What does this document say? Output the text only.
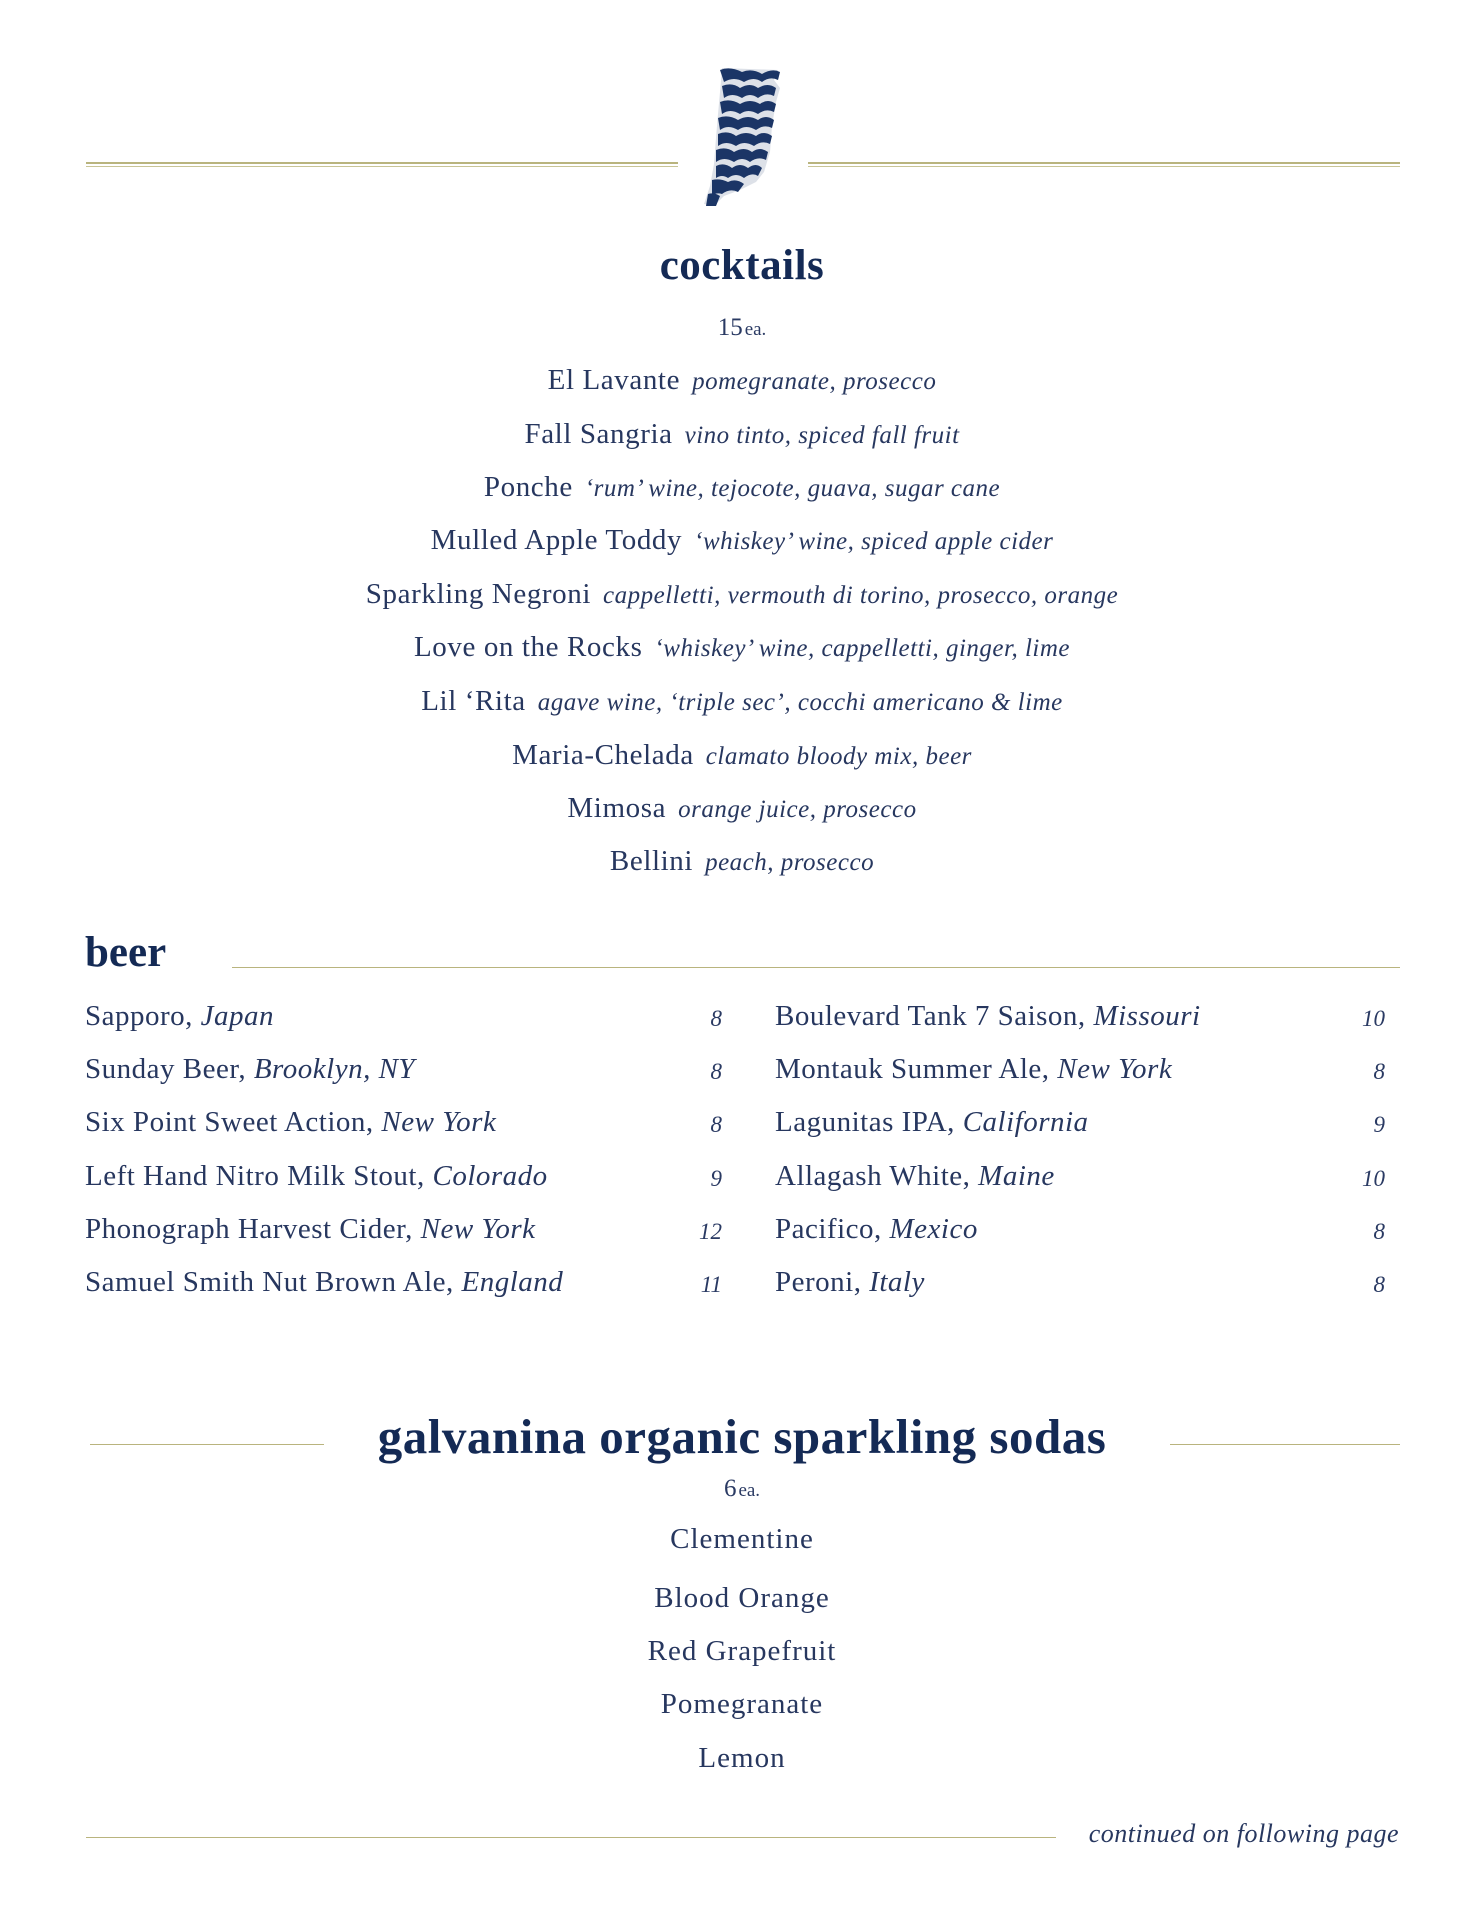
cocktails
15 ea.
El Lavante pomegranate, prosecco
Fall Sangria vino tinto, spiced fall fruit
Ponche ‘rum’ wine, tejocote, guava, sugar cane
Mulled Apple Toddy ‘whiskey’ wine, spiced apple cider
Sparkling Negroni cappelletti, vermouth di torino, prosecco, orange
Love on the Rocks ‘whiskey’ wine, cappelletti, ginger, lime
Lil ‘Rita agave wine, ‘triple sec’, cocchi americano & lime
Maria-Chelada clamato bloody mix, beer
Mimosa orange juice, prosecco
Bellini peach, prosecco
beer
Sapporo, Japan	8
Sunday Beer, Brooklyn, NY	8
Six Point Sweet Action, New York	8
Left Hand Nitro Milk Stout, Colorado	9
Phonograph Harvest Cider, New York	12
Samuel Smith Nut Brown Ale, England	11
Boulevard Tank 7 Saison, Missouri	10
Montauk Summer Ale, New York	8
Lagunitas IPA, California	9
Allagash White, Maine	10
Pacifico, Mexico	8
Peroni, Italy	8
galvanina organic sparkling sodas
6 ea.
Clementine
Blood Orange
Red Grapefruit
Pomegranate
Lemon
continued on following page
